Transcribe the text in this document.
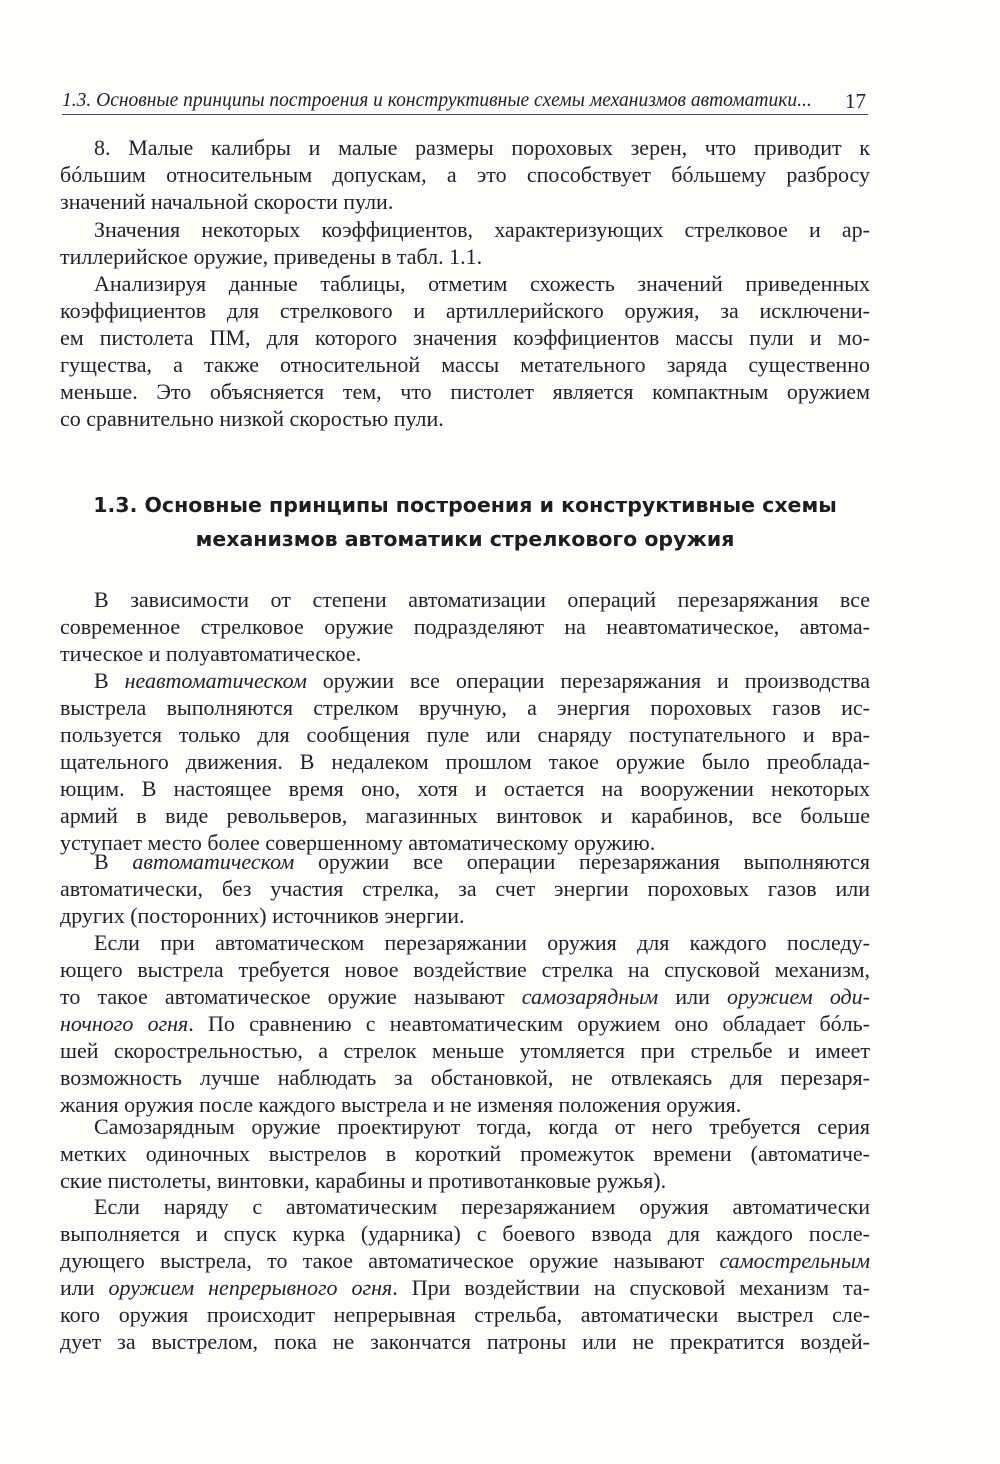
1.3. Основные принципы построения и конструктивные схемы механизмов автоматики... 17
8. Малые калибры и малые размеры пороховых зерен, что приводит к
бóльшим относительным допускам, а это способствует бóльшему разбросу
значений начальной скорости пули.
Значения некоторых коэффициентов, характеризующих стрелковое и ар-
тиллерийское оружие, приведены в табл. 1.1.
Анализируя данные таблицы, отметим схожесть значений приведенных
коэффициентов для стрелкового и артиллерийского оружия, за исключени-
ем пистолета ПМ, для которого значения коэффициентов массы пули и мо-
гущества, а также относительной массы метательного заряда существенно
меньше. Это объясняется тем, что пистолет является компактным оружием
со сравнительно низкой скоростью пули.
1.3. Основные принципы построения и конструктивные схемы
механизмов автоматики стрелкового оружия
В зависимости от степени автоматизации операций перезаряжания все
современное стрелковое оружие подразделяют на неавтоматическое, автома-
тическое и полуавтоматическое.
В неавтоматическом оружии все операции перезаряжания и производства
выстрела выполняются стрелком вручную, а энергия пороховых газов ис-
пользуется только для сообщения пуле или снаряду поступательного и вра-
щательного движения. В недалеком прошлом такое оружие было преоблада-
ющим. В настоящее время оно, хотя и остается на вооружении некоторых
армий в виде револьверов, магазинных винтовок и карабинов, все больше
уступает место более совершенному автоматическому оружию.
В автоматическом оружии все операции перезаряжания выполняются
автоматически, без участия стрелка, за счет энергии пороховых газов или
других (посторонних) источников энергии.
Если при автоматическом перезаряжании оружия для каждого последу-
ющего выстрела требуется новое воздействие стрелка на спусковой механизм,
то такое автоматическое оружие называют самозарядным или оружием оди-
ночного огня. По сравнению с неавтоматическим оружием оно обладает бóль-
шей скорострельностью, а стрелок меньше утомляется при стрельбе и имеет
возможность лучше наблюдать за обстановкой, не отвлекаясь для перезаря-
жания оружия после каждого выстрела и не изменяя положения оружия.
Самозарядным оружие проектируют тогда, когда от него требуется серия
метких одиночных выстрелов в короткий промежуток времени (автоматиче-
ские пистолеты, винтовки, карабины и противотанковые ружья).
Если наряду с автоматическим перезаряжанием оружия автоматически
выполняется и спуск курка (ударника) с боевого взвода для каждого после-
дующего выстрела, то такое автоматическое оружие называют самострельным
или оружием непрерывного огня. При воздействии на спусковой механизм та-
кого оружия происходит непрерывная стрельба, автоматически выстрел сле-
дует за выстрелом, пока не закончатся патроны или не прекратится воздей-
